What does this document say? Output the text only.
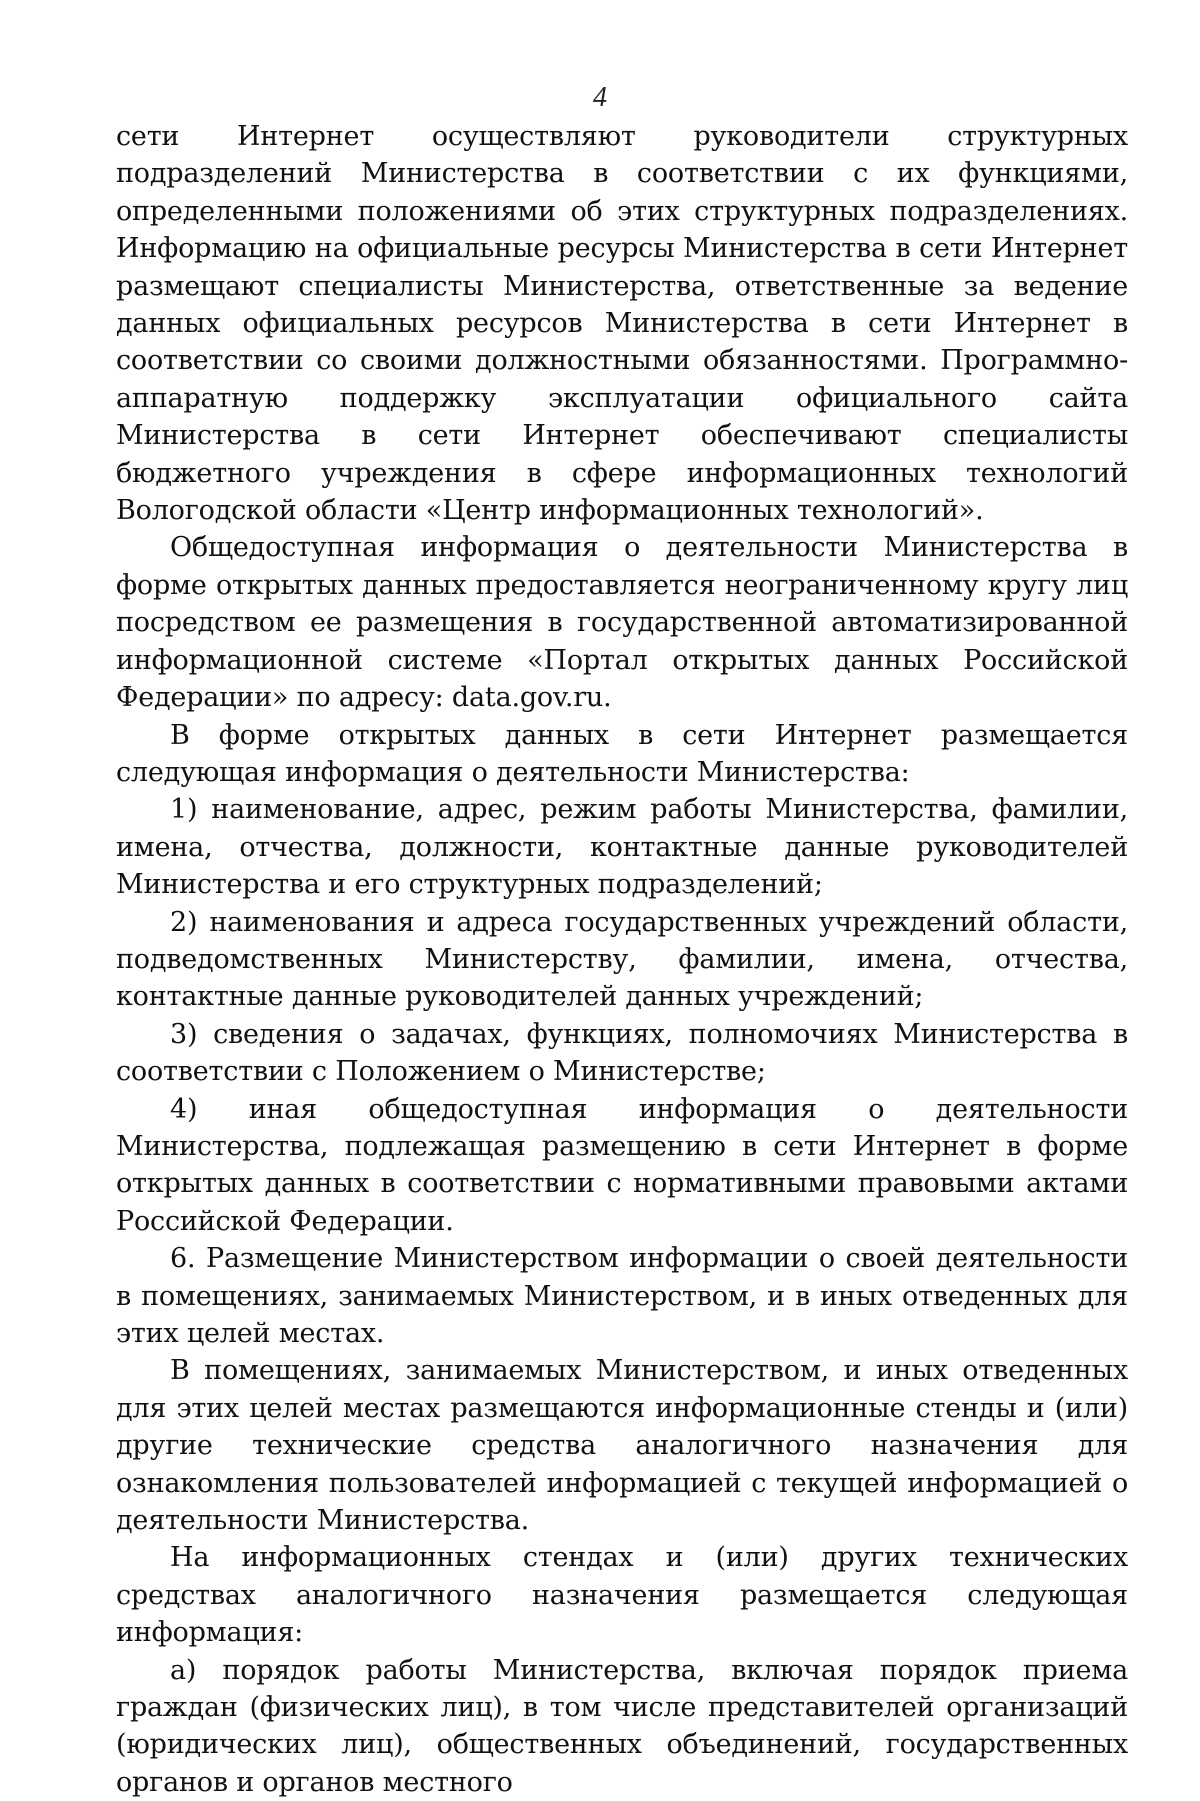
4

сети Интернет осуществляют руководители структурных подразделений Министерства в соответствии с их функциями, определенными положениями об этих структурных подразделениях. Информацию на официальные ресурсы Министерства в сети Интернет размещают специалисты Министерства, ответственные за ведение данных официальных ресурсов Министерства в сети Интернет в соответствии со своими должностными обязанностями. Программно-аппаратную поддержку эксплуатации официального сайта Министерства в сети Интернет обеспечивают специалисты бюджетного учреждения в сфере информационных технологий Вологодской области «Центр информационных технологий».

Общедоступная информация о деятельности Министерства в форме открытых данных предоставляется неограниченному кругу лиц посредством ее размещения в государственной автоматизированной информационной системе «Портал открытых данных Российской Федерации» по адресу: data.gov.ru.

В форме открытых данных в сети Интернет размещается следующая информация о деятельности Министерства:

1) наименование, адрес, режим работы Министерства, фамилии, имена, отчества, должности, контактные данные руководителей Министерства и его структурных подразделений;

2) наименования и адреса государственных учреждений области, подведомственных Министерству, фамилии, имена, отчества, контактные данные руководителей данных учреждений;

3) сведения о задачах, функциях, полномочиях Министерства в соответствии с Положением о Министерстве;

4) иная общедоступная информация о деятельности Министерства, подлежащая размещению в сети Интернет в форме открытых данных в соответствии с нормативными правовыми актами Российской Федерации.

6. Размещение Министерством информации о своей деятельности в помещениях, занимаемых Министерством, и в иных отведенных для этих целей местах.

В помещениях, занимаемых Министерством, и иных отведенных для этих целей местах размещаются информационные стенды и (или) другие технические средства аналогичного назначения для ознакомления пользователей информацией с текущей информацией о деятельности Министерства.

На информационных стендах и (или) других технических средствах аналогичного назначения размещается следующая информация:

а) порядок работы Министерства, включая порядок приема граждан (физических лиц), в том числе представителей организаций (юридических лиц), общественных объединений, государственных органов и органов местного
